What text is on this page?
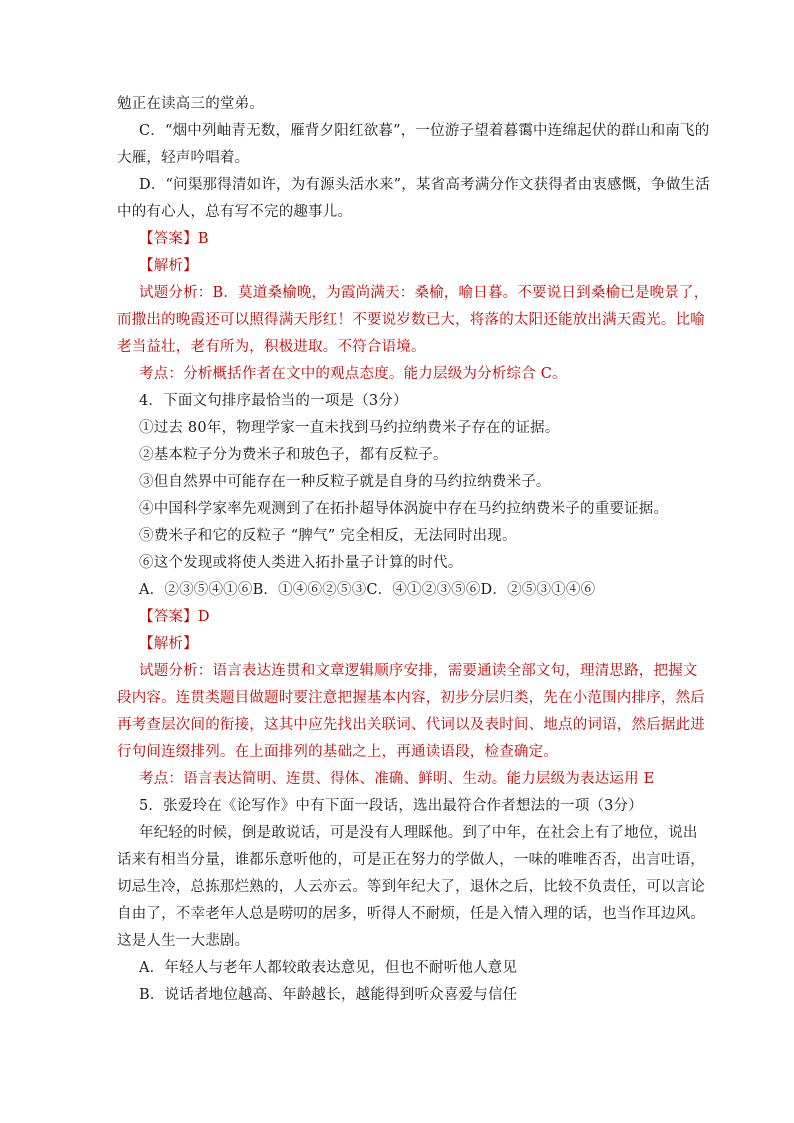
勉正在读高三的堂弟。
C．“烟中列岫青无数，雁背夕阳红欲暮”，一位游子望着暮霭中连绵起伏的群山和南飞的
大雁，轻声吟唱着。
D．“问渠那得清如许，为有源头活水来”，某省高考满分作文获得者由衷感慨，争做生活
中的有心人，总有写不完的趣事儿。
【答案】B
【解析】
试题分析：B．莫道桑榆晚，为霞尚满天：桑榆，喻日暮。不要说日到桑榆已是晚景了，
而撒出的晚霞还可以照得满天彤红！不要说岁数已大，将落的太阳还能放出满天霞光。比喻
老当益壮，老有所为，积极进取。不符合语境。
考点：分析概括作者在文中的观点态度。能力层级为分析综合 C。
4．下面文句排序最恰当的一项是（3分）
①过去 80年，物理学家一直未找到马约拉纳费米子存在的证据。
②基本粒子分为费米子和玻色子，都有反粒子。
③但自然界中可能存在一种反粒子就是自身的马约拉纳费米子。
④中国科学家率先观测到了在拓扑超导体涡旋中存在马约拉纳费米子的重要证据。
⑤费米子和它的反粒子 “脾气” 完全相反，无法同时出现。
⑥这个发现或将使人类进入拓扑量子计算的时代。
A．②③⑤④①⑥B．①④⑥②⑤③C．④①②③⑤⑥D．②⑤③①④⑥
【答案】D
【解析】
试题分析：语言表达连贯和文章逻辑顺序安排，需要通读全部文句，理清思路，把握文
段内容。连贯类题目做题时要注意把握基本内容，初步分层归类，先在小范围内排序，然后
再考查层次间的衔接，这其中应先找出关联词、代词以及表时间、地点的词语，然后据此进
行句间连缀排列。在上面排列的基础之上，再通读语段，检查确定。
考点：语言表达简明、连贯、得体、准确、鲜明、生动。能力层级为表达运用 E
5．张爱玲在《论写作》中有下面一段话，选出最符合作者想法的一项（3分）
年纪轻的时候，倒是敢说话，可是没有人理睬他。到了中年，在社会上有了地位，说出
话来有相当分量，谁都乐意听他的，可是正在努力的学做人，一味的唯唯否否，出言吐语，
切忌生冷，总拣那烂熟的，人云亦云。等到年纪大了，退休之后，比较不负责任，可以言论
自由了，不幸老年人总是唠叨的居多，听得人不耐烦，任是入情入理的话，也当作耳边风。
这是人生一大悲剧。
A．年轻人与老年人都较敢表达意见，但也不耐听他人意见
B．说话者地位越高、年龄越长，越能得到听众喜爱与信任
